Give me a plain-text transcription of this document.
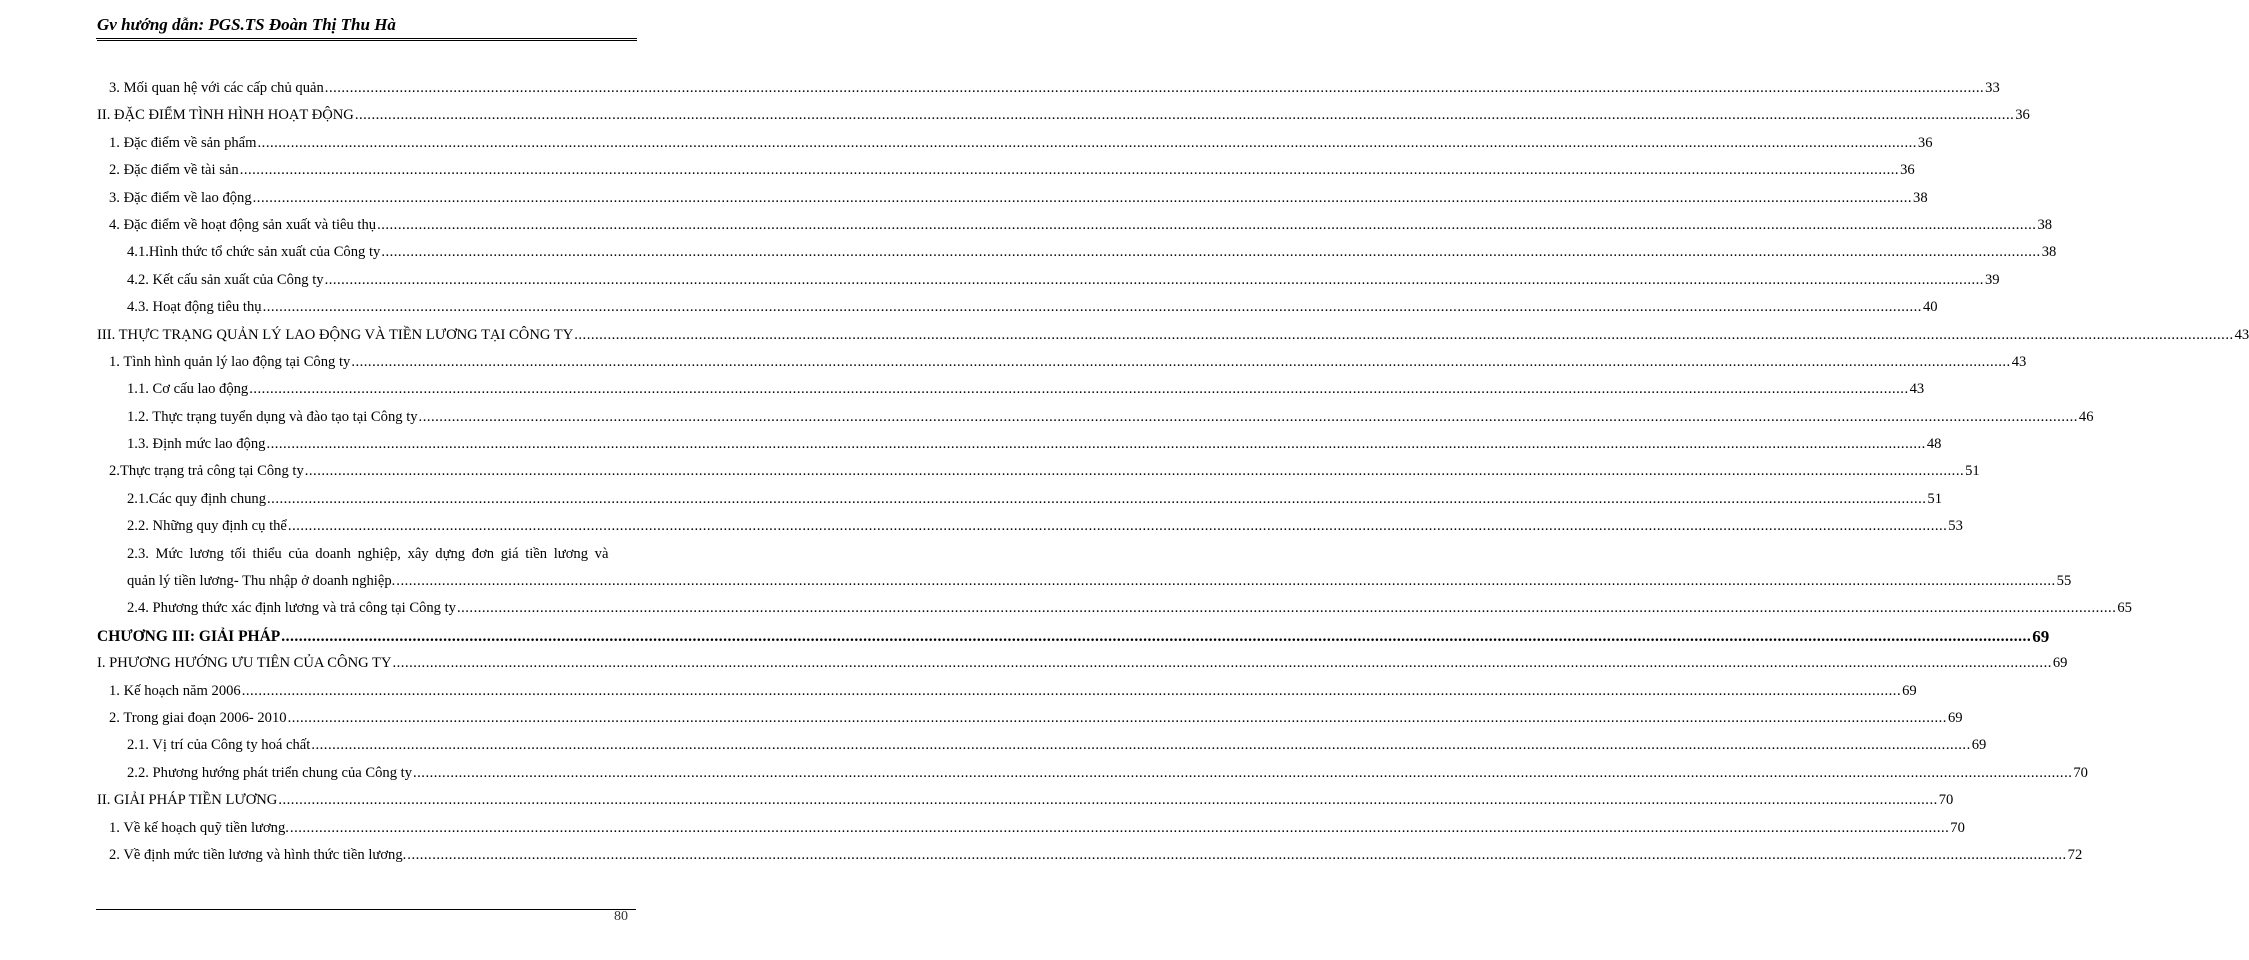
Gv hướng dẫn: PGS.TS Đoàn Thị Thu Hà
3. Mối quan hệ với các cấp chủ quản ................................................................................................................................................................................................................................................................................................................................................................................................................ 33
II. ĐẶC ĐIỂM TÌNH HÌNH HOẠT ĐỘNG ................................................................................................................................................................................................................................................................................................................................................................................................................ 36
1. Đặc điểm về sản phẩm ................................................................................................................................................................................................................................................................................................................................................................................................................ 36
2. Đặc điểm về tài sản ................................................................................................................................................................................................................................................................................................................................................................................................................ 36
3. Đặc điểm về lao động ................................................................................................................................................................................................................................................................................................................................................................................................................ 38
4. Đặc điểm về hoạt động sản xuất và tiêu thụ ................................................................................................................................................................................................................................................................................................................................................................................................................ 38
4.1.Hình thức tổ chức sản xuất của Công ty ................................................................................................................................................................................................................................................................................................................................................................................................................ 38
4.2. Kết cấu sản xuất của Công ty ................................................................................................................................................................................................................................................................................................................................................................................................................ 39
4.3. Hoạt động tiêu thụ ................................................................................................................................................................................................................................................................................................................................................................................................................ 40
III. THỰC TRẠNG QUẢN LÝ LAO ĐỘNG VÀ TIỀN LƯƠNG TẠI CÔNG TY ................................................................................................................................................................................................................................................................................................................................................................................................................ 43
1. Tình hình quản lý lao động tại Công ty ................................................................................................................................................................................................................................................................................................................................................................................................................ 43
1.1. Cơ cấu lao động ................................................................................................................................................................................................................................................................................................................................................................................................................ 43
1.2. Thực trạng tuyển dụng và đào tạo tại Công ty ................................................................................................................................................................................................................................................................................................................................................................................................................ 46
1.3. Định mức lao động ................................................................................................................................................................................................................................................................................................................................................................................................................ 48
2.Thực trạng trả công tại Công ty ................................................................................................................................................................................................................................................................................................................................................................................................................ 51
2.1.Các quy định chung ................................................................................................................................................................................................................................................................................................................................................................................................................ 51
2.2. Những quy định cụ thể ................................................................................................................................................................................................................................................................................................................................................................................................................ 53
2.3. Mức lương tối thiểu của doanh nghiệp, xây dựng đơn giá tiền lương và
quản lý tiền lương- Thu nhập ở doanh nghiệp. ................................................................................................................................................................................................................................................................................................................................................................................................................ 55
2.4. Phương thức xác định lương và trả công tại Công ty ................................................................................................................................................................................................................................................................................................................................................................................................................ 65
CHƯƠNG III: GIẢI PHÁP ................................................................................................................................................................................................................................................................................................................................................................................................................ 69
I. PHƯƠNG HƯỚNG ƯU TIÊN CỦA CÔNG TY ................................................................................................................................................................................................................................................................................................................................................................................................................ 69
1. Kế hoạch năm 2006 ................................................................................................................................................................................................................................................................................................................................................................................................................ 69
2. Trong giai đoạn 2006- 2010 ................................................................................................................................................................................................................................................................................................................................................................................................................ 69
2.1. Vị trí của Công ty hoá chất ................................................................................................................................................................................................................................................................................................................................................................................................................ 69
2.2. Phương hướng phát triển chung của Công ty ................................................................................................................................................................................................................................................................................................................................................................................................................ 70
II. GIẢI PHÁP TIỀN LƯƠNG ................................................................................................................................................................................................................................................................................................................................................................................................................ 70
1. Về kế hoạch quỹ tiền lương. ................................................................................................................................................................................................................................................................................................................................................................................................................ 70
2. Về định mức tiền lương và hình thức tiền lương. ................................................................................................................................................................................................................................................................................................................................................................................................................ 72
80
